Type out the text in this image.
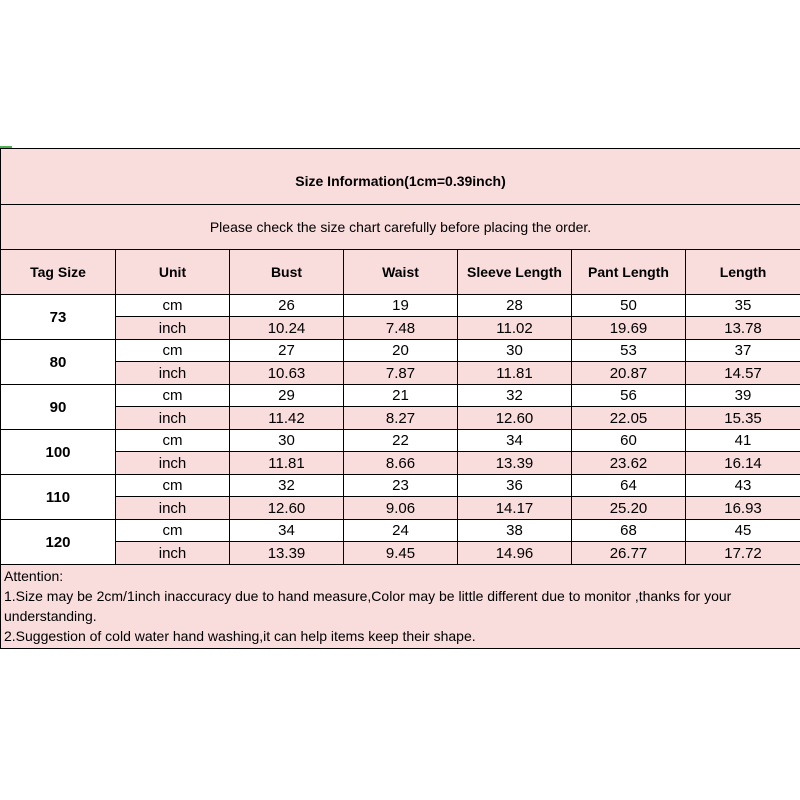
Size Information(1cm=0.39inch)						
Please check the size chart carefully before placing the order.						
Tag Size	Unit	Bust	Waist	Sleeve Length	Pant Length	Length
73	cm	26	19	28	50	35
	inch	10.24	7.48	11.02	19.69	13.78
80	cm	27	20	30	53	37
	inch	10.63	7.87	11.81	20.87	14.57
90	cm	29	21	32	56	39
	inch	11.42	8.27	12.60	22.05	15.35
100	cm	30	22	34	60	41
	inch	11.81	8.66	13.39	23.62	16.14
110	cm	32	23	36	64	43
	inch	12.60	9.06	14.17	25.20	16.93
120	cm	34	24	38	68	45
	inch	13.39	9.45	14.96	26.77	17.72

Attention:
1.Size may be 2cm/1inch inaccuracy due to hand measure,Color may be little different due to monitor ,thanks for your understanding.
2.Suggestion of cold water hand washing,it can help items keep their shape.						
